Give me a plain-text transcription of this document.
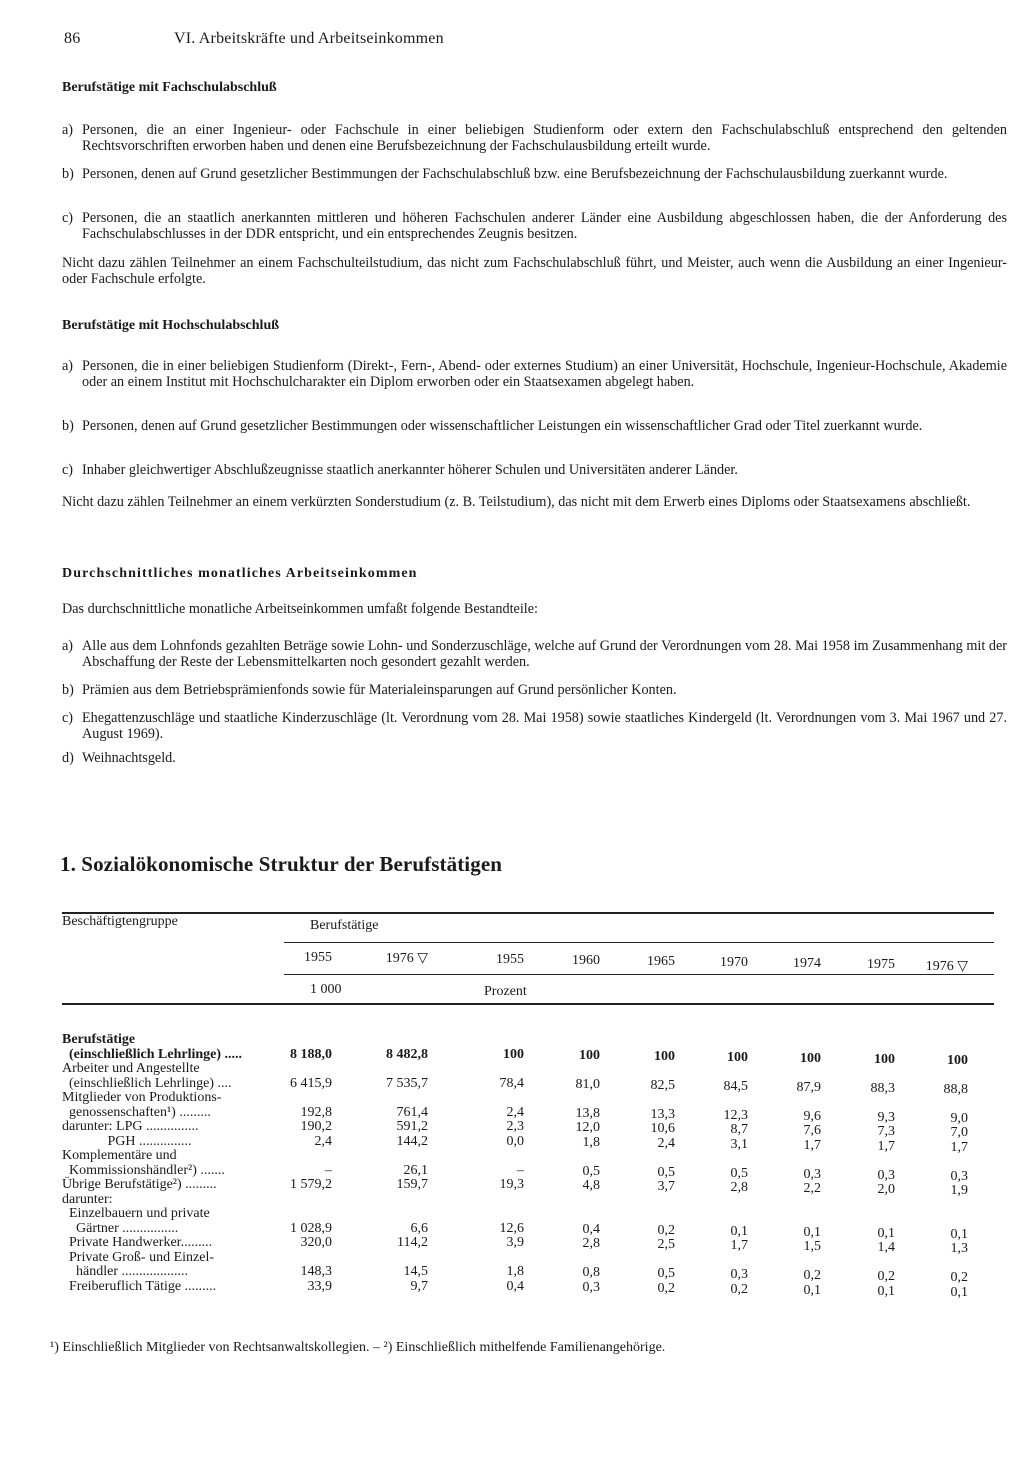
86	VI. Arbeitskräfte und Arbeitseinkommen
Berufstätige mit Fachschulabschluß
a) Personen, die an einer Ingenieur- oder Fachschule in einer beliebigen Studienform oder extern den Fachschulabschluß entsprechend den geltenden Rechtsvorschriften erworben haben und denen eine Berufsbezeichnung der Fachschulausbildung erteilt wurde.
b) Personen, denen auf Grund gesetzlicher Bestimmungen der Fachschulabschluß bzw. eine Berufsbezeichnung der Fachschulausbildung zuerkannt wurde.
c) Personen, die an staatlich anerkannten mittleren und höheren Fachschulen anderer Länder eine Ausbildung abgeschlossen haben, die der Anforderung des Fachschulabschlusses in der DDR entspricht, und ein entsprechendes Zeugnis besitzen.
Nicht dazu zählen Teilnehmer an einem Fachschulteilstudium, das nicht zum Fachschulabschluß führt, und Meister, auch wenn die Ausbildung an einer Ingenieur- oder Fachschule erfolgte.
Berufstätige mit Hochschulabschluß
a) Personen, die in einer beliebigen Studienform (Direkt-, Fern-, Abend- oder externes Studium) an einer Universität, Hochschule, Ingenieur-Hochschule, Akademie oder an einem Institut mit Hochschulcharakter ein Diplom erworben oder ein Staatsexamen abgelegt haben.
b) Personen, denen auf Grund gesetzlicher Bestimmungen oder wissenschaftlicher Leistungen ein wissenschaftlicher Grad oder Titel zuerkannt wurde.
c) Inhaber gleichwertiger Abschlußzeugnisse staatlich anerkannter höherer Schulen und Universitäten anderer Länder.
Nicht dazu zählen Teilnehmer an einem verkürzten Sonderstudium (z. B. Teilstudium), das nicht mit dem Erwerb eines Diploms oder Staatsexamens abschließt.
Durchschnittliches monatliches Arbeitseinkommen
Das durchschnittliche monatliche Arbeitseinkommen umfaßt folgende Bestandteile:
a) Alle aus dem Lohnfonds gezahlten Beträge sowie Lohn- und Sonderzuschläge, welche auf Grund der Verordnungen vom 28. Mai 1958 im Zusammenhang mit der Abschaffung der Reste der Lebensmittelkarten noch gesondert gezahlt werden.
b) Prämien aus dem Betriebsprämienfonds sowie für Materialeinsparungen auf Grund persönlicher Konten.
c) Ehegattenzuschläge und staatliche Kinderzuschläge (lt. Verordnung vom 28. Mai 1958) sowie staatliches Kindergeld (lt. Verordnungen vom 3. Mai 1967 und 27. August 1969).
d) Weihnachtsgeld.
1. Sozialökonomische Struktur der Berufstätigen
Beschäftigtengruppe	Berufstätige
1955	1976 ▽	1955	1960	1965	1970	1974	1975	1976 ▽
1 000	Prozent
Berufstätige
(einschließlich Lehrlinge) .....	8 188,0	8 482,8	100	100	100	100	100	100	100
Arbeiter und Angestellte
(einschließlich Lehrlinge) ....	6 415,9	7 535,7	78,4	81,0	82,5	84,5	87,9	88,3	88,8
Mitglieder von Produktions-
genossenschaften¹) .........	192,8	761,4	2,4	13,8	13,3	12,3	9,6	9,3	9,0
darunter: LPG ...............	190,2	591,2	2,3	12,0	10,6	8,7	7,6	7,3	7,0
PGH ...............	2,4	144,2	0,0	1,8	2,4	3,1	1,7	1,7	1,7
Komplementäre und
Kommissionshändler²) .......	–	26,1	–	0,5	0,5	0,5	0,3	0,3	0,3
Übrige Berufstätige²) .........	1 579,2	159,7	19,3	4,8	3,7	2,8	2,2	2,0	1,9
darunter:
Einzelbauern und private
Gärtner ................	1 028,9	6,6	12,6	0,4	0,2	0,1	0,1	0,1	0,1
Private Handwerker.........	320,0	114,2	3,9	2,8	2,5	1,7	1,5	1,4	1,3
Private Groß- und Einzel-
händler ...................	148,3	14,5	1,8	0,8	0,5	0,3	0,2	0,2	0,2
Freiberuflich Tätige .........	33,9	9,7	0,4	0,3	0,2	0,2	0,1	0,1	0,1
¹) Einschließlich Mitglieder von Rechtsanwaltskollegien. – ²) Einschließlich mithelfende Familienangehörige.
